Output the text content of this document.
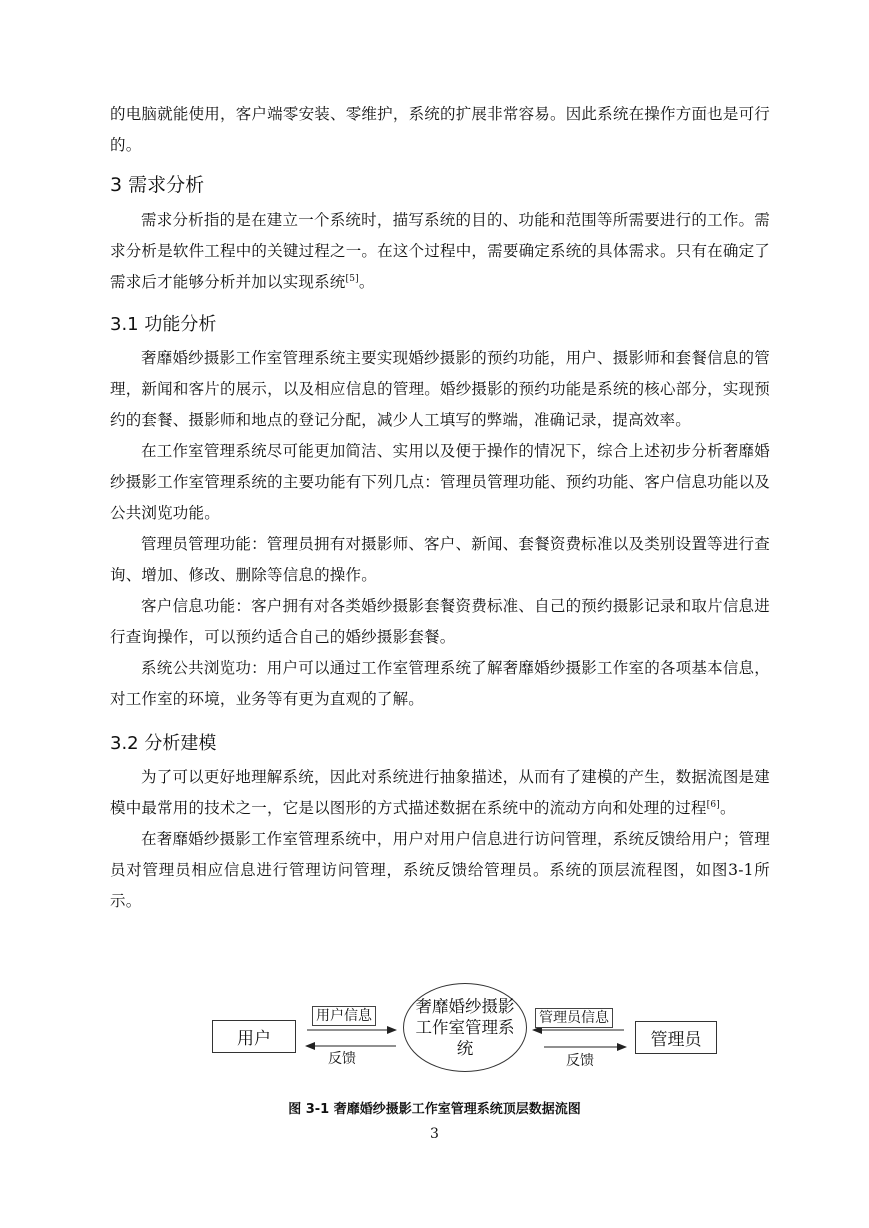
的电脑就能使用，客户端零安装、零维护，系统的扩展非常容易。因此系统在操作方面也是可行的。

3 需求分析

需求分析指的是在建立一个系统时，描写系统的目的、功能和范围等所需要进行的工作。需求分析是软件工程中的关键过程之一。在这个过程中，需要确定系统的具体需求。只有在确定了需求后才能够分析并加以实现系统[5]。

3.1 功能分析

奢靡婚纱摄影工作室管理系统主要实现婚纱摄影的预约功能，用户、摄影师和套餐信息的管理，新闻和客片的展示，以及相应信息的管理。婚纱摄影的预约功能是系统的核心部分，实现预约的套餐、摄影师和地点的登记分配，减少人工填写的弊端，准确记录，提高效率。

在工作室管理系统尽可能更加简洁、实用以及便于操作的情况下，综合上述初步分析奢靡婚纱摄影工作室管理系统的主要功能有下列几点：管理员管理功能、预约功能、客户信息功能以及公共浏览功能。

管理员管理功能：管理员拥有对摄影师、客户、新闻、套餐资费标准以及类别设置等进行查询、增加、修改、删除等信息的操作。

客户信息功能：客户拥有对各类婚纱摄影套餐资费标准、自己的预约摄影记录和取片信息进行查询操作，可以预约适合自己的婚纱摄影套餐。

系统公共浏览功：用户可以通过工作室管理系统了解奢靡婚纱摄影工作室的各项基本信息，对工作室的环境，业务等有更为直观的了解。

3.2 分析建模

为了可以更好地理解系统，因此对系统进行抽象描述，从而有了建模的产生，数据流图是建模中最常用的技术之一，它是以图形的方式描述数据在系统中的流动方向和处理的过程[6]。

在奢靡婚纱摄影工作室管理系统中，用户对用户信息进行访问管理，系统反馈给用户；管理员对管理员相应信息进行管理访问管理，系统反馈给管理员。系统的顶层流程图，如图3-1所示。

用户
奢靡婚纱摄影工作室管理系统	管理员
用户信息
反馈
管理员信息
反馈

图 3-1 奢靡婚纱摄影工作室管理系统顶层数据流图

3
